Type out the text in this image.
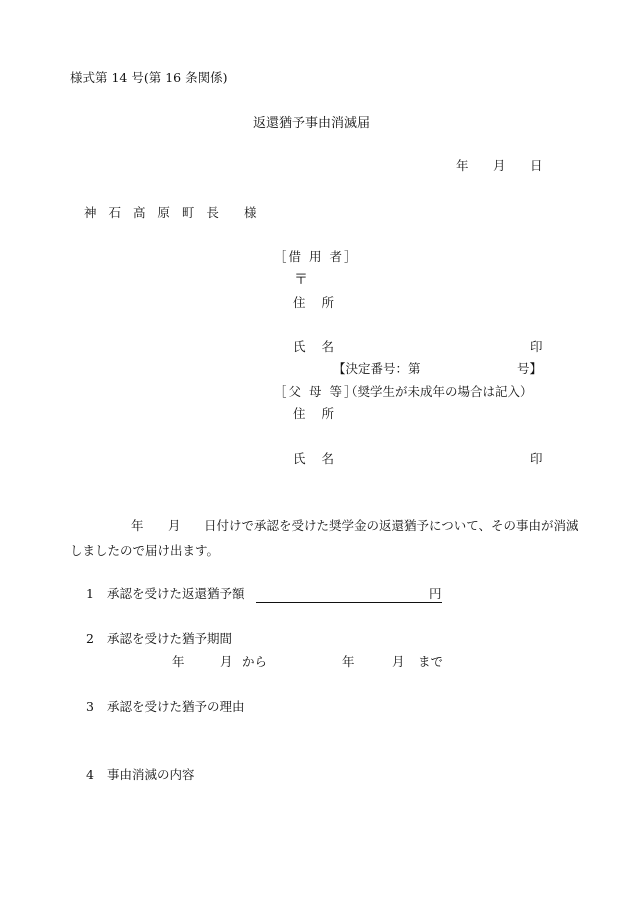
様式第 14 号(第 16 条関係)
返還猶予事由消滅届
年 月 日
神 石 高 原 町 長 様
［借 用 者］
〒
住 所
氏 名	印
【決定番号：第	号】
［父 母 等］
（奨学生が未成年の場合は記入）
住 所
氏 名	印
年 月 日付けで承認を受けた奨学金の返還猶予について、その事由が消滅
しましたので届け出ます。
1 承認を受けた返還猶予額	円
2 承認を受けた猶予期間
年	月 から	年	月 まで
3 承認を受けた猶予の理由
4 事由消滅の内容
